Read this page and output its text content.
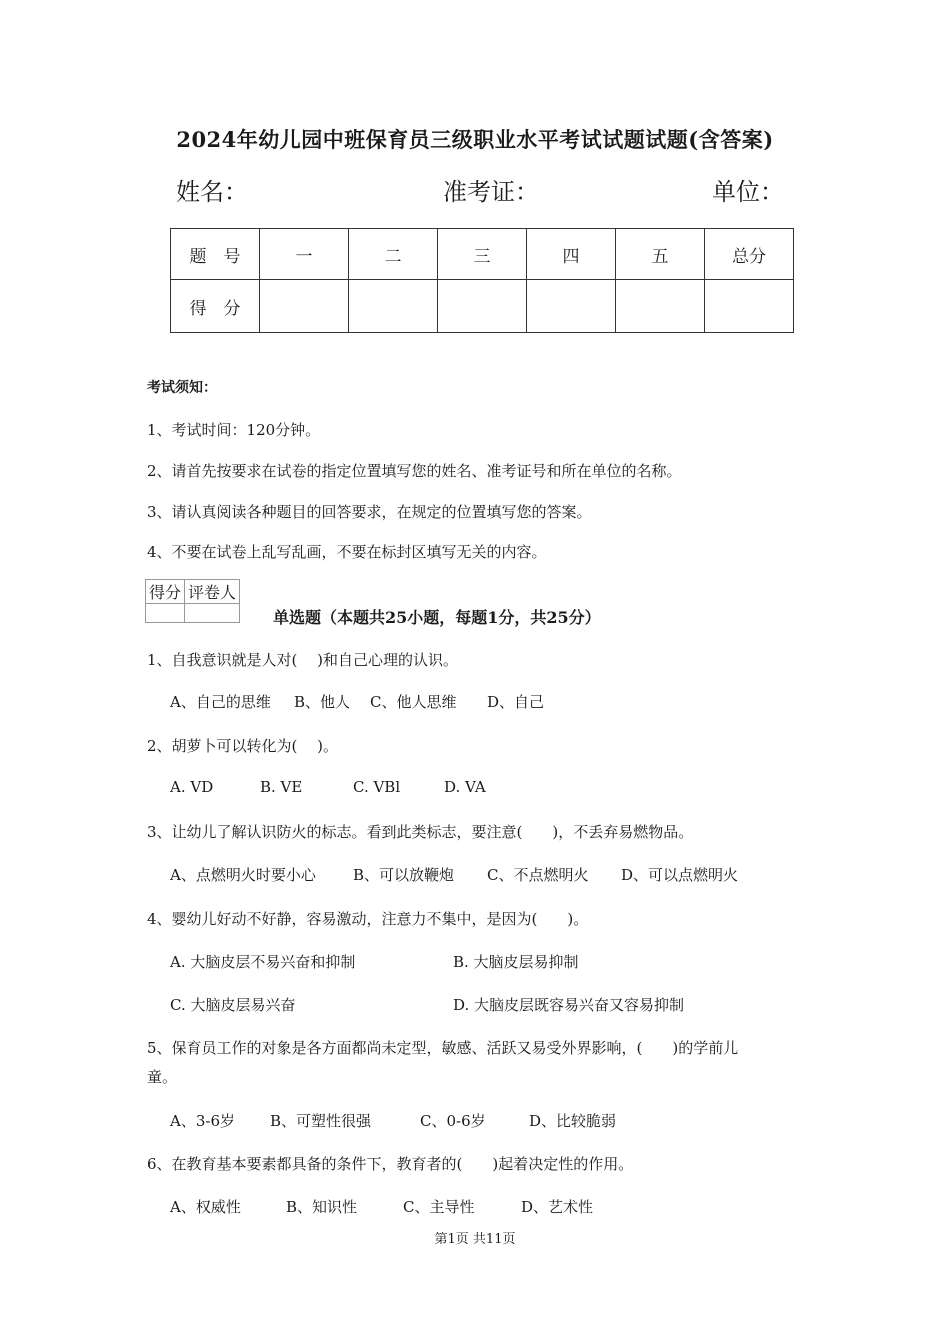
2024年幼儿园中班保育员三级职业水平考试试题试题(含答案)
姓名：	准考证：	单位：
题　号	一	二	三	四	五	总分
得　分						
考试须知：
1、考试时间：120分钟。
2、请首先按要求在试卷的指定位置填写您的姓名、准考证号和所在单位的名称。
3、请认真阅读各种题目的回答要求，在规定的位置填写您的答案。
4、不要在试卷上乱写乱画，不要在标封区填写无关的内容。
得分	评卷人

单选题（本题共25小题，每题1分，共25分）
1、自我意识就是人对(　 )和自己心理的认识。
A、自己的思维 B、他人 C、他人思维 D、自己
2、胡萝卜可以转化为(　 )。
A. VD	B. VE	C. VBl	D. VA
3、让幼儿了解认识防火的标志。看到此类标志，要注意(　　)，不丢弃易燃物品。
A、点燃明火时要小心 B、可以放鞭炮 C、不点燃明火 D、可以点燃明火
4、婴幼儿好动不好静，容易激动，注意力不集中，是因为(　　)。
A. 大脑皮层不易兴奋和抑制	B. 大脑皮层易抑制
C. 大脑皮层易兴奋	D. 大脑皮层既容易兴奋又容易抑制
5、保育员工作的对象是各方面都尚未定型，敏感、活跃又易受外界影响，(　　)的学前儿
童。
A、3-6岁 B、可塑性很强	C、0-6岁	D、比较脆弱
6、在教育基本要素都具备的条件下，教育者的(　　)起着决定性的作用。
A、权威性	B、知识性	C、主导性	D、艺术性
第1页 共11页
